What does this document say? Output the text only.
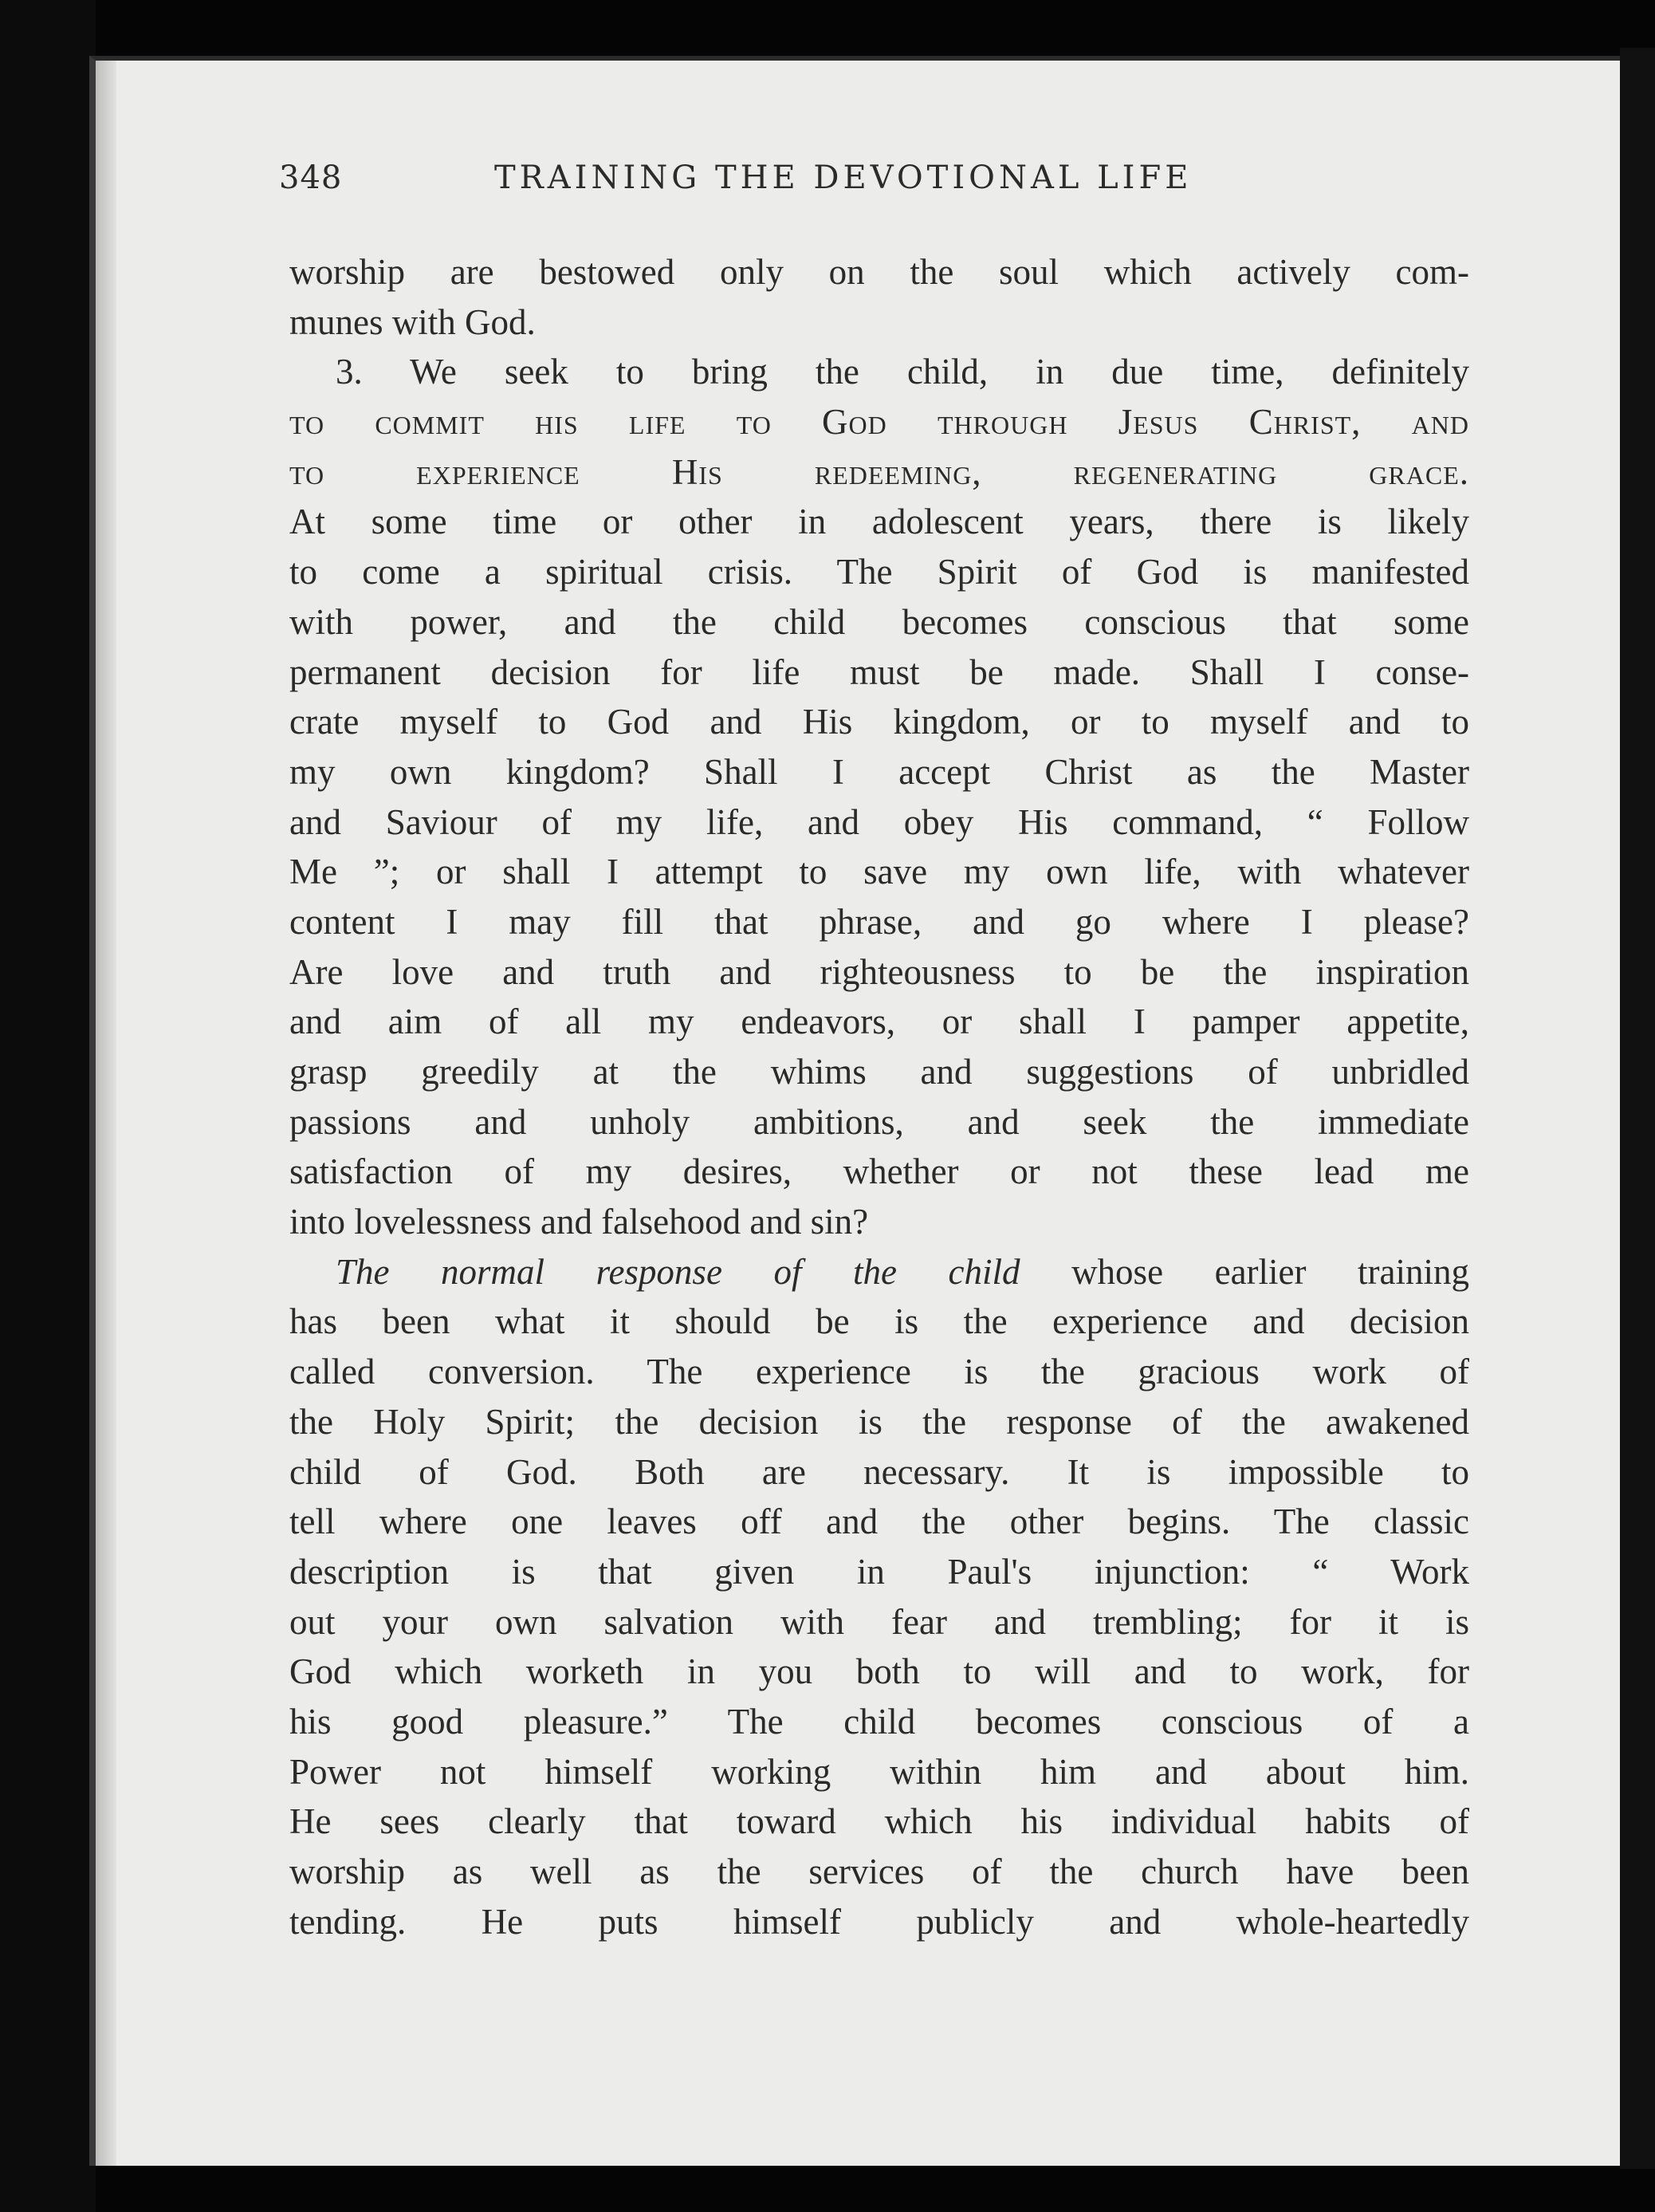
348	TRAINING THE DEVOTIONAL LIFE
worship are bestowed only on the soul which actively com-
munes with God.
3. We seek to bring the child, in due time, definitely
to commit his life to God through Jesus Christ, and
to experience His redeeming, regenerating grace.
At some time or other in adolescent years, there is likely
to come a spiritual crisis. The Spirit of God is manifested
with power, and the child becomes conscious that some
permanent decision for life must be made. Shall I conse-
crate myself to God and His kingdom, or to myself and to
my own kingdom? Shall I accept Christ as the Master
and Saviour of my life, and obey His command, “ Follow
Me ”; or shall I attempt to save my own life, with whatever
content I may fill that phrase, and go where I please?
Are love and truth and righteousness to be the inspiration
and aim of all my endeavors, or shall I pamper appetite,
grasp greedily at the whims and suggestions of unbridled
passions and unholy ambitions, and seek the immediate
satisfaction of my desires, whether or not these lead me
into lovelessness and falsehood and sin?
The normal response of the child whose earlier training
has been what it should be is the experience and decision
called conversion. The experience is the gracious work of
the Holy Spirit; the decision is the response of the awakened
child of God. Both are necessary. It is impossible to
tell where one leaves off and the other begins. The classic
description is that given in Paul's injunction: “ Work
out your own salvation with fear and trembling; for it is
God which worketh in you both to will and to work, for
his good pleasure.” The child becomes conscious of a
Power not himself working within him and about him.
He sees clearly that toward which his individual habits of
worship as well as the services of the church have been
tending. He puts himself publicly and whole-heartedly
